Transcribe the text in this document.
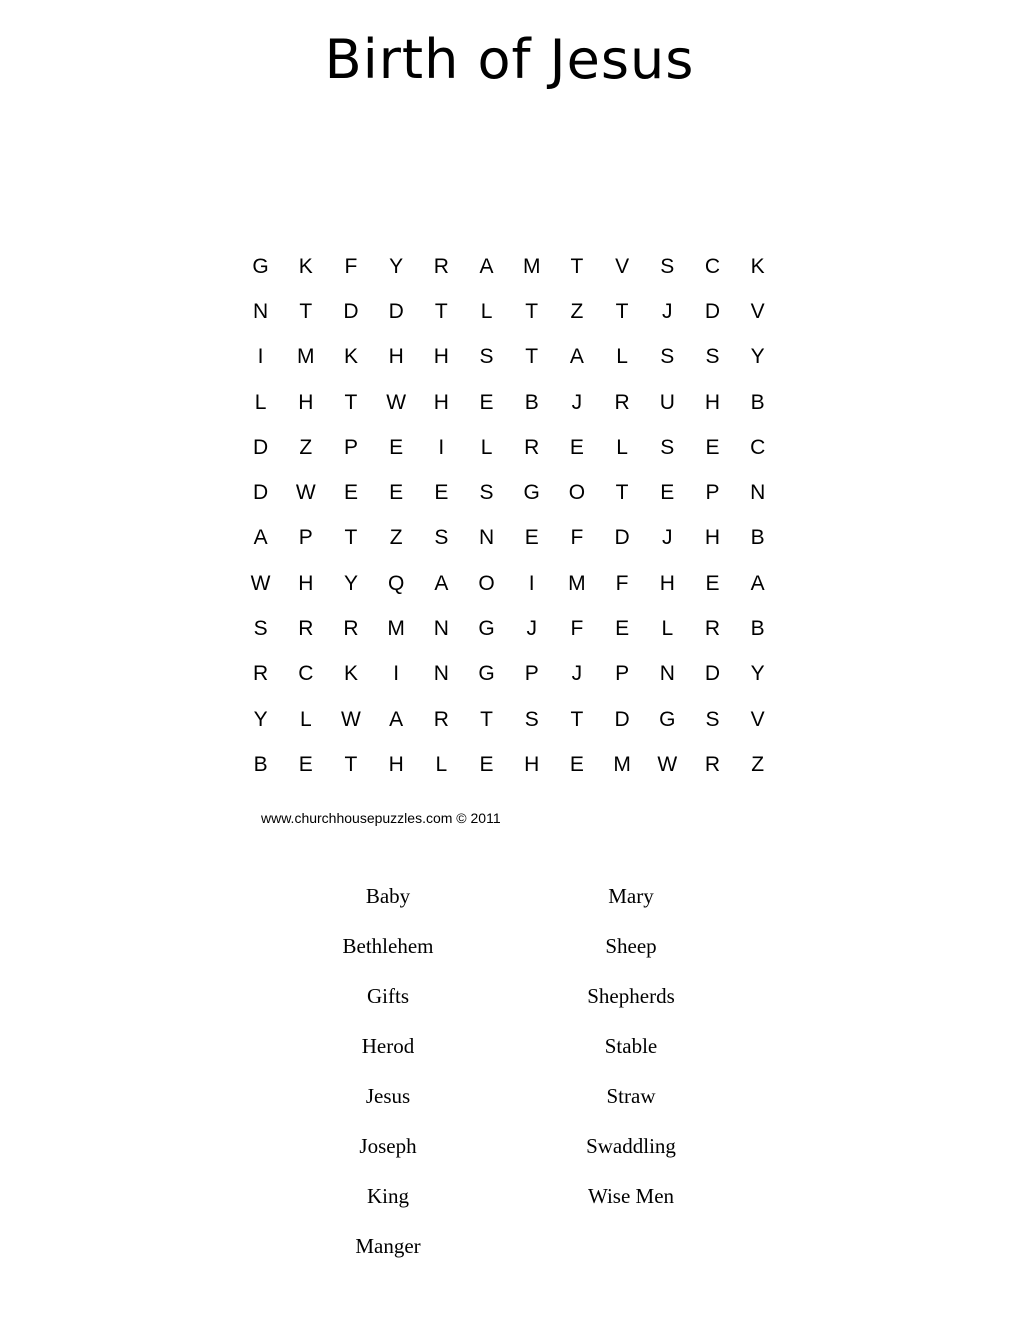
Birth of Jesus
G	K	F	Y	R	A	M	T	V	S	C	K
N	T	D	D	T	L	T	Z	T	J	D	V
I	M	K	H	H	S	T	A	L	S	S	Y
L	H	T	W	H	E	B	J	R	U	H	B
D	Z	P	E	I	L	R	E	L	S	E	C
D	W	E	E	E	S	G	O	T	E	P	N
A	P	T	Z	S	N	E	F	D	J	H	B
W	H	Y	Q	A	O	I	M	F	H	E	A
S	R	R	M	N	G	J	F	E	L	R	B
R	C	K	I	N	G	P	J	P	N	D	Y
Y	L	W	A	R	T	S	T	D	G	S	V
B	E	T	H	L	E	H	E	M	W	R	Z
www.churchhousepuzzles.com © 2011
Baby
Bethlehem
Gifts
Herod
Jesus
Joseph
King
Manger
Mary
Sheep
Shepherds
Stable
Straw
Swaddling
Wise Men
